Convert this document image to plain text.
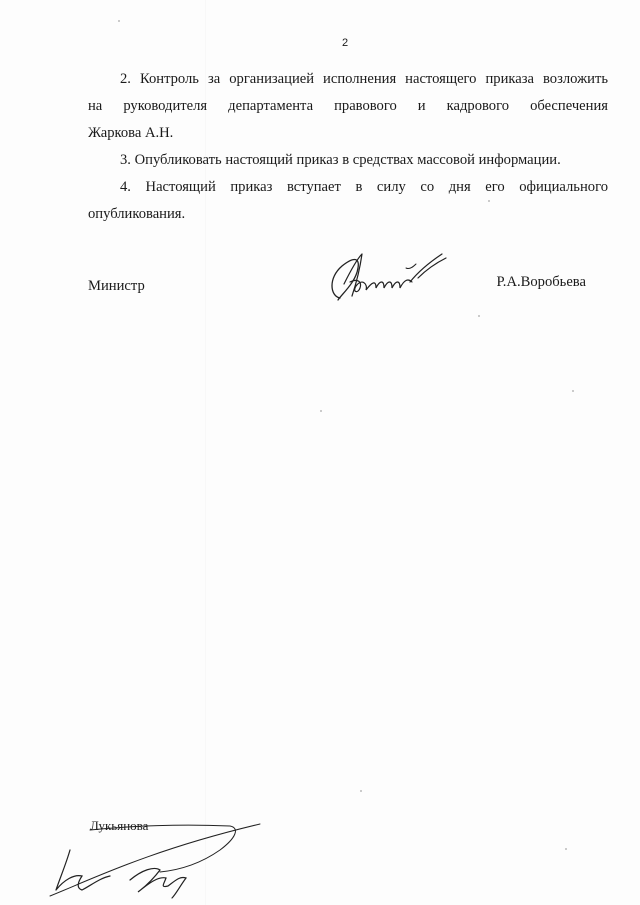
2
2. Контроль за организацией исполнения настоящего приказа возложить
на руководителя департамента правового и кадрового обеспечения
Жаркова А.Н.
3. Опубликовать настоящий приказ в средствах массовой информации.
4. Настоящий приказ вступает в силу со дня его официального
опубликования.
Министр	Р.А.Воробьева
Лукьянова
